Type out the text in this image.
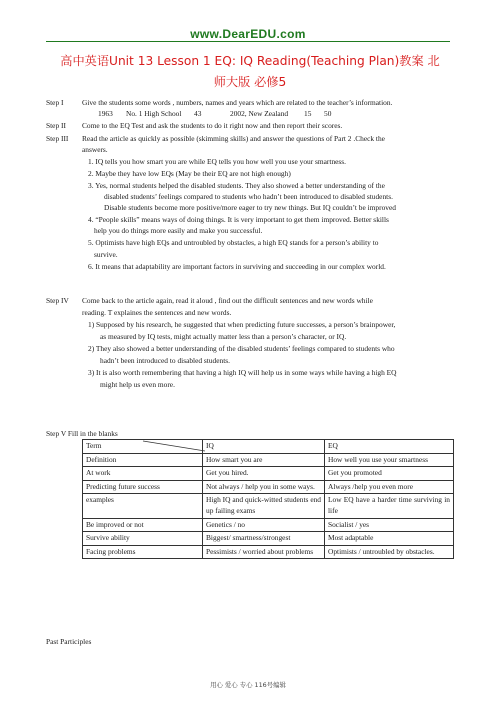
www.DearEDU.com
高中英语Unit 13 Lesson 1 EQ: IQ Reading(Teaching Plan)教案 北
师大版 必修5
Step I	Give the students some words , numbers, names and years which are related to the teacher’s information.
1963 No. 1 High School 43	2002, New Zealand 15 50
Step II Come to the EQ Test and ask the students to do it right now and then report their scores.
Step III Read the article as quickly as possible (skimming skills) and answer the questions of Part 2 .Check the
answers.
1. IQ tells you how smart you are while EQ tells you how well you use your smartness.
2. Maybe they have low EQs (May be their EQ are not high enough)
3. Yes, normal students helped the disabled students. They also showed a better understanding of the
disabled students’ feelings compared to students who hadn’t been introduced to disabled students.
Disable students become more positive/more eager to try new things. But IQ couldn’t be improved
4. “People skills” means ways of doing things. It is very important to get them improved. Better skills
help you do things more easily and make you successful.
5. Optimists have high EQs and untroubled by obstacles, a high EQ stands for a person’s ability to
survive.
6. It means that adaptability are important factors in surviving and succeeding in our complex world.
Step IV Come back to the article again, read it aloud , find out the difficult sentences and new words while
reading. T explaines the sentences and new words.
1) Supposed by his research, he suggested that when predicting future successes, a person’s brainpower,
as measured by IQ tests, might actually matter less than a person’s character, or IQ.
2) They also showed a better understanding of the disabled students’ feelings compared to students who
hadn’t been introduced to disabled students.
3) It is also worth remembering that having a high IQ will help us in some ways while having a high EQ
might help us even more.
Step V Fill in the blanks
Term	IQ	EQ
Definition	How smart you are	How well you use your smartness
At work	Get you hired.	Get you promoted
Predicting future success	Not always / help you in some ways.	Always /help you even more
examples	High IQ and quick-witted students end up failing exams	Low EQ have a harder time surviving in life
Be improved or not	Genetics / no	Socialist / yes
Survive ability	Biggest/ smartness/strongest	Most adaptable
Facing problems	Pessimists / worried about problems	Optimists / untroubled by obstacles.
Past Participles
用心 爱心 专心 116号编辑
